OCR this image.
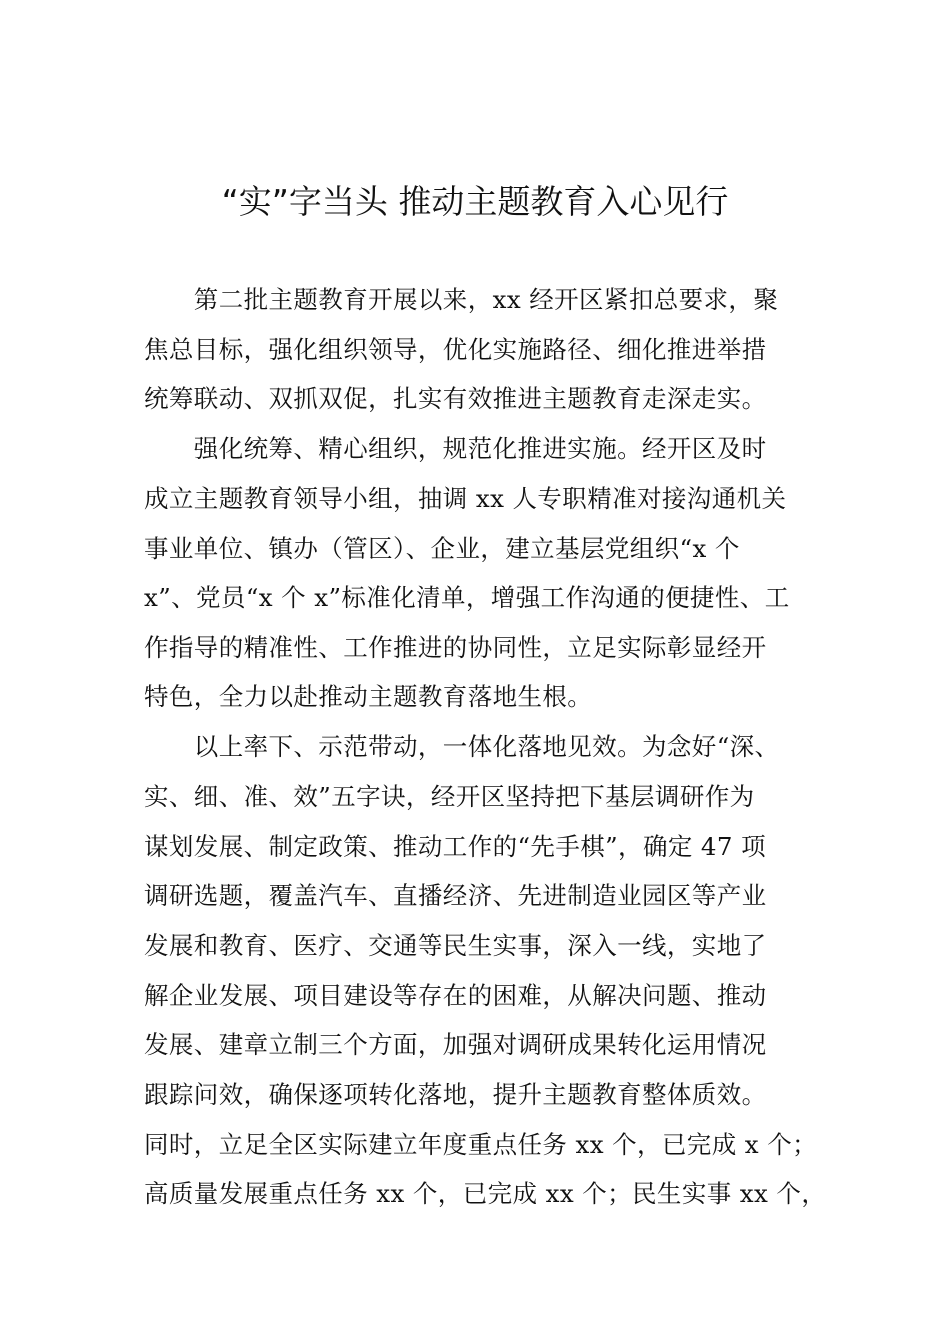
“实”字当头 推动主题教育入心见行
　　第二批主题教育开展以来，xx 经开区紧扣总要求，聚
焦总目标，强化组织领导，优化实施路径、细化推进举措
统筹联动、双抓双促，扎实有效推进主题教育走深走实。
　　强化统筹、精心组织，规范化推进实施。经开区及时
成立主题教育领导小组，抽调 xx 人专职精准对接沟通机关
事业单位、镇办（管区）、企业，建立基层党组织“x 个
x”、党员“x 个 x”标准化清单，增强工作沟通的便捷性、工
作指导的精准性、工作推进的协同性，立足实际彰显经开
特色，全力以赴推动主题教育落地生根。
　　以上率下、示范带动，一体化落地见效。为念好“深、
实、细、准、效”五字诀，经开区坚持把下基层调研作为
谋划发展、制定政策、推动工作的“先手棋”，确定 47 项
调研选题，覆盖汽车、直播经济、先进制造业园区等产业
发展和教育、医疗、交通等民生实事，深入一线，实地了
解企业发展、项目建设等存在的困难，从解决问题、推动
发展、建章立制三个方面，加强对调研成果转化运用情况
跟踪问效，确保逐项转化落地，提升主题教育整体质效。
同时，立足全区实际建立年度重点任务 xx 个，已完成 x 个；
高质量发展重点任务 xx 个，已完成 xx 个；民生实事 xx 个，
